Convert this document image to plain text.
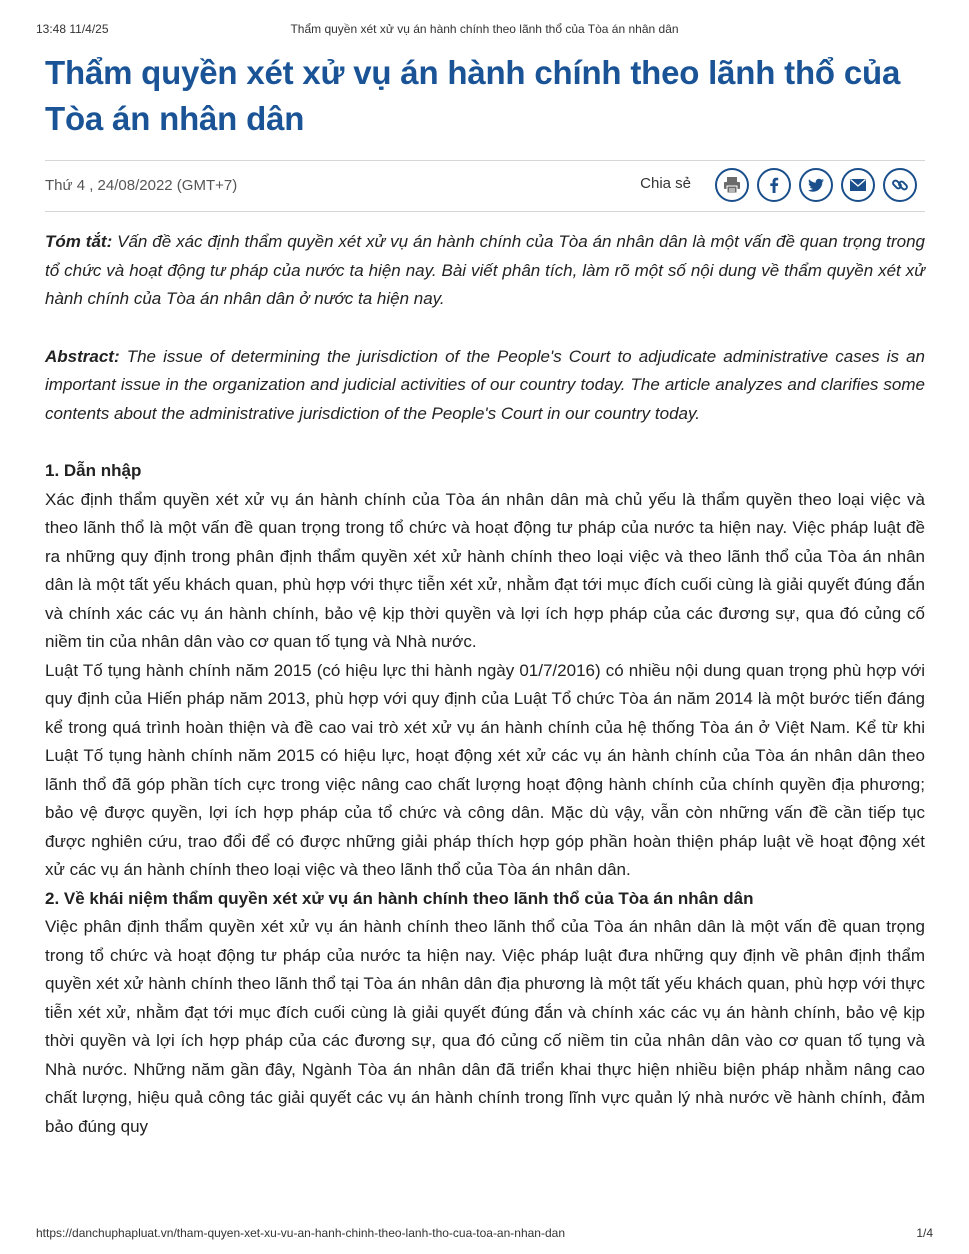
13:48 11/4/25	Thẩm quyền xét xử vụ án hành chính theo lãnh thổ của Tòa án nhân dân
Thẩm quyền xét xử vụ án hành chính theo lãnh thổ của Tòa án nhân dân
Thứ 4 , 24/08/2022 (GMT+7)	Chia sẻ
Tóm tắt: Vấn đề xác định thẩm quyền xét xử vụ án hành chính của Tòa án nhân dân là một vấn đề quan trọng trong tổ chức và hoạt động tư pháp của nước ta hiện nay. Bài viết phân tích, làm rõ một số nội dung về thẩm quyền xét xử hành chính của Tòa án nhân dân ở nước ta hiện nay.
Abstract: The issue of determining the jurisdiction of the People's Court to adjudicate administrative cases is an important issue in the organization and judicial activities of our country today. The article analyzes and clarifies some contents about the administrative jurisdiction of the People's Court in our country today.
1. Dẫn nhập

Xác định thẩm quyền xét xử vụ án hành chính của Tòa án nhân dân mà chủ yếu là thẩm quyền theo loại việc và theo lãnh thổ là một vấn đề quan trọng trong tổ chức và hoạt động tư pháp của nước ta hiện nay. Việc pháp luật đề ra những quy định trong phân định thẩm quyền xét xử hành chính theo loại việc và theo lãnh thổ của Tòa án nhân dân là một tất yếu khách quan, phù hợp với thực tiễn xét xử, nhằm đạt tới mục đích cuối cùng là giải quyết đúng đắn và chính xác các vụ án hành chính, bảo vệ kịp thời quyền và lợi ích hợp pháp của các đương sự, qua đó củng cố niềm tin của nhân dân vào cơ quan tố tụng và Nhà nước.

Luật Tố tụng hành chính năm 2015 (có hiệu lực thi hành ngày 01/7/2016) có nhiều nội dung quan trọng phù hợp với quy định của Hiến pháp năm 2013, phù hợp với quy định của Luật Tổ chức Tòa án năm 2014 là một bước tiến đáng kể trong quá trình hoàn thiện và đề cao vai trò xét xử vụ án hành chính của hệ thống Tòa án ở Việt Nam. Kể từ khi Luật Tố tụng hành chính năm 2015 có hiệu lực, hoạt động xét xử các vụ án hành chính của Tòa án nhân dân theo lãnh thổ đã góp phần tích cực trong việc nâng cao chất lượng hoạt động hành chính của chính quyền địa phương; bảo vệ được quyền, lợi ích hợp pháp của tổ chức và công dân. Mặc dù vậy, vẫn còn những vấn đề cần tiếp tục được nghiên cứu, trao đổi để có được những giải pháp thích hợp góp phần hoàn thiện pháp luật về hoạt động xét xử các vụ án hành chính theo loại việc và theo lãnh thổ của Tòa án nhân dân.

2. Về khái niệm thẩm quyền xét xử vụ án hành chính theo lãnh thổ của Tòa án nhân dân

Việc phân định thẩm quyền xét xử vụ án hành chính theo lãnh thổ của Tòa án nhân dân là một vấn đề quan trọng trong tổ chức và hoạt động tư pháp của nước ta hiện nay. Việc pháp luật đưa những quy định về phân định thẩm quyền xét xử hành chính theo lãnh thổ tại Tòa án nhân dân địa phương là một tất yếu khách quan, phù hợp với thực tiễn xét xử, nhằm đạt tới mục đích cuối cùng là giải quyết đúng đắn và chính xác các vụ án hành chính, bảo vệ kịp thời quyền và lợi ích hợp pháp của các đương sự, qua đó củng cố niềm tin của nhân dân vào cơ quan tố tụng và Nhà nước. Những năm gần đây, Ngành Tòa án nhân dân đã triển khai thực hiện nhiều biện pháp nhằm nâng cao chất lượng, hiệu quả công tác giải quyết các vụ án hành chính trong lĩnh vực quản lý nhà nước về hành chính, đảm bảo đúng quy

https://danchuphapluat.vn/tham-quyen-xet-xu-vu-an-hanh-chinh-theo-lanh-tho-cua-toa-an-nhan-dan	1/4
